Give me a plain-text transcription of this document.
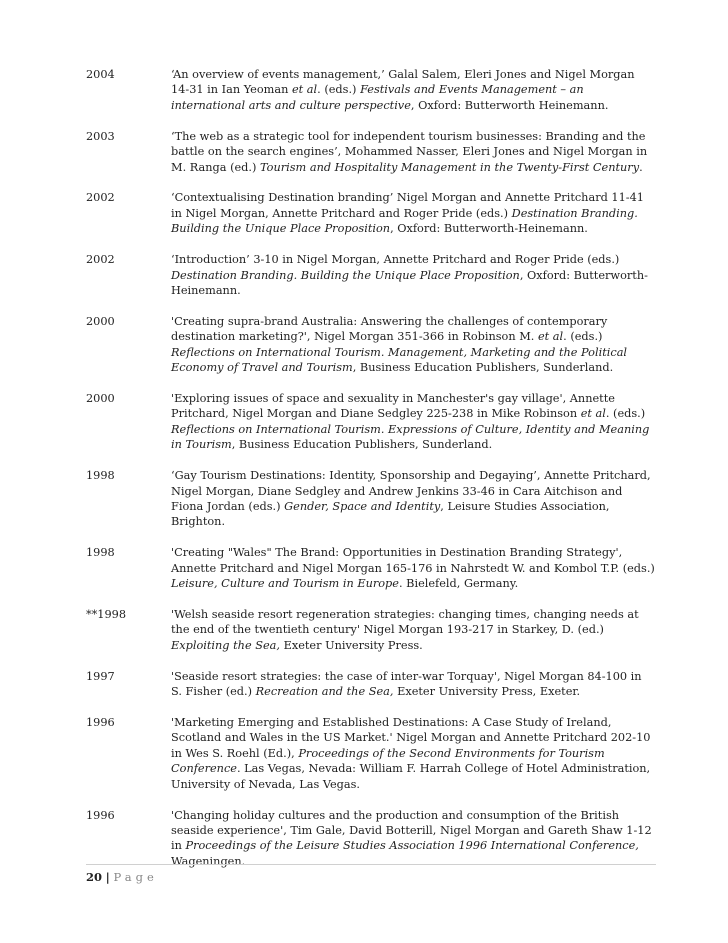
2004	‘An overview of events management,’ Galal Salem, Eleri Jones and Nigel Morgan 14-31 in Ian Yeoman et al. (eds.) Festivals and Events Management – an international arts and culture perspective, Oxford: Butterworth Heinemann.
2003	‘The web as a strategic tool for independent tourism businesses: Branding and the battle on the search engines’, Mohammed Nasser, Eleri Jones and Nigel Morgan in M. Ranga (ed.) Tourism and Hospitality Management in the Twenty-First Century.
2002	‘Contextualising Destination branding’ Nigel Morgan and Annette Pritchard 11-41 in Nigel Morgan, Annette Pritchard and Roger Pride (eds.) Destination Branding. Building the Unique Place Proposition, Oxford: Butterworth-Heinemann.
2002	‘Introduction’ 3-10 in Nigel Morgan, Annette Pritchard and Roger Pride (eds.) Destination Branding. Building the Unique Place Proposition, Oxford: Butterworth-Heinemann.
2000	'Creating supra-brand Australia: Answering the challenges of contemporary destination marketing?', Nigel Morgan 351-366 in Robinson M. et al. (eds.) Reflections on International Tourism. Management, Marketing and the Political Economy of Travel and Tourism, Business Education Publishers, Sunderland.
2000	'Exploring issues of space and sexuality in Manchester's gay village', Annette Pritchard, Nigel Morgan and Diane Sedgley 225-238 in Mike Robinson et al. (eds.) Reflections on International Tourism. Expressions of Culture, Identity and Meaning in Tourism, Business Education Publishers, Sunderland.
1998	‘Gay Tourism Destinations: Identity, Sponsorship and Degaying’, Annette Pritchard, Nigel Morgan, Diane Sedgley and Andrew Jenkins 33-46 in Cara Aitchison and Fiona Jordan (eds.) Gender, Space and Identity, Leisure Studies Association, Brighton.
1998	'Creating "Wales" The Brand: Opportunities in Destination Branding Strategy', Annette Pritchard and Nigel Morgan 165-176 in Nahrstedt W. and Kombol T.P. (eds.) Leisure, Culture and Tourism in Europe. Bielefeld, Germany.
**1998	'Welsh seaside resort regeneration strategies: changing times, changing needs at the end of the twentieth century' Nigel Morgan 193-217 in Starkey, D. (ed.) Exploiting the Sea, Exeter University Press.
1997	'Seaside resort strategies: the case of inter-war Torquay', Nigel Morgan 84-100 in S. Fisher (ed.) Recreation and the Sea, Exeter University Press, Exeter.
1996	'Marketing Emerging and Established Destinations: A Case Study of Ireland, Scotland and Wales in the US Market.' Nigel Morgan and Annette Pritchard 202-10 in Wes S. Roehl (Ed.), Proceedings of the Second Environments for Tourism Conference. Las Vegas, Nevada: William F. Harrah College of Hotel Administration, University of Nevada, Las Vegas.
1996	'Changing holiday cultures and the production and consumption of the British seaside experience', Tim Gale, David Botterill, Nigel Morgan and Gareth Shaw 1-12 in Proceedings of the Leisure Studies Association 1996 International Conference, Wageningen.
20 | Page
